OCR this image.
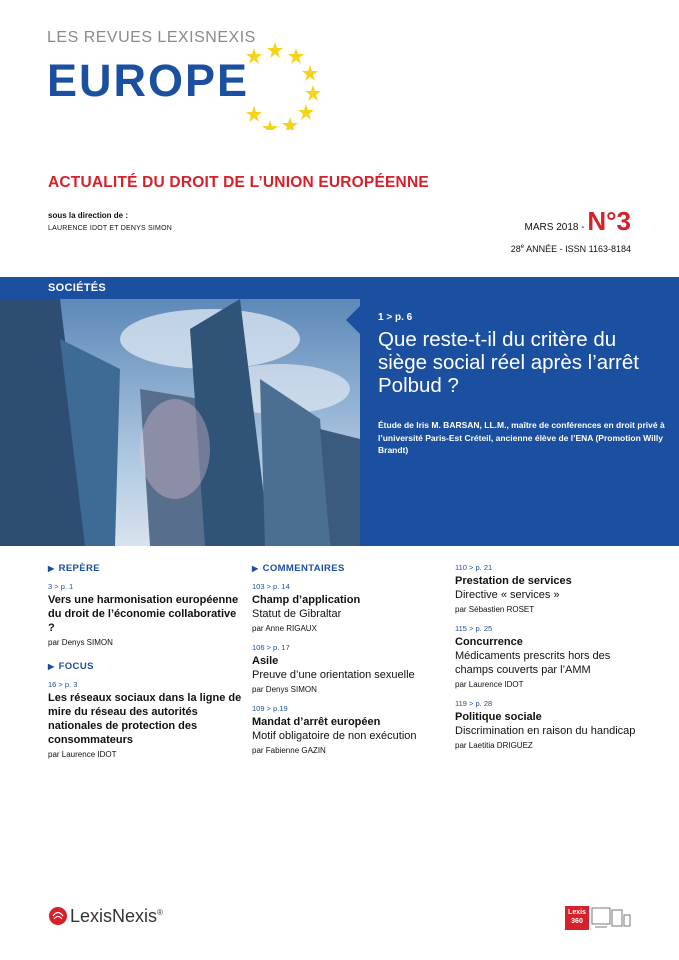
LES REVUES LEXISNEXIS
EUROPE
ACTUALITÉ DU DROIT DE L’UNION EUROPÉENNE
sous la direction de :
LAURENCE IDOT ET DENYS SIMON	MARS 2018 - N°3
28e ANNÉE - ISSN 1163-8184
SOCIÉTÉS
1 > p. 6
Que reste-t-il du critère du siège social réel après l’arrêt Polbud ?
Étude de Iris M. BARSAN, LL.M., maître de conférences en droit privé à l’université Paris-Est Créteil, ancienne élève de l’ENA (Promotion Willy Brandt)
▶ REPÈRE
3 > p. 1
Vers une harmonisation européenne du droit de l’économie collaborative ?
par Denys SIMON
▶ FOCUS
16 > p. 3
Les réseaux sociaux dans la ligne de mire du réseau des autorités nationales de protection des consommateurs
par Laurence IDOT
▶ COMMENTAIRES
103 > p. 14
Champ d’application
Statut de Gibraltar
par Anne RIGAUX
106 > p. 17
Asile
Preuve d’une orientation sexuelle
par Denys SIMON
109 > p.19
Mandat d’arrêt européen
Motif obligatoire de non exécution
par Fabienne GAZIN
110 > p. 21
Prestation de services
Directive « services »
par Sébastien ROSET
115 > p. 25
Concurrence
Médicaments prescrits hors des champs couverts par l’AMM
par Laurence IDOT
119 > p. 28
Politique sociale
Discrimination en raison du handicap
par Laetitia DRIGUEZ
LexisNexis®	Lexis
360
